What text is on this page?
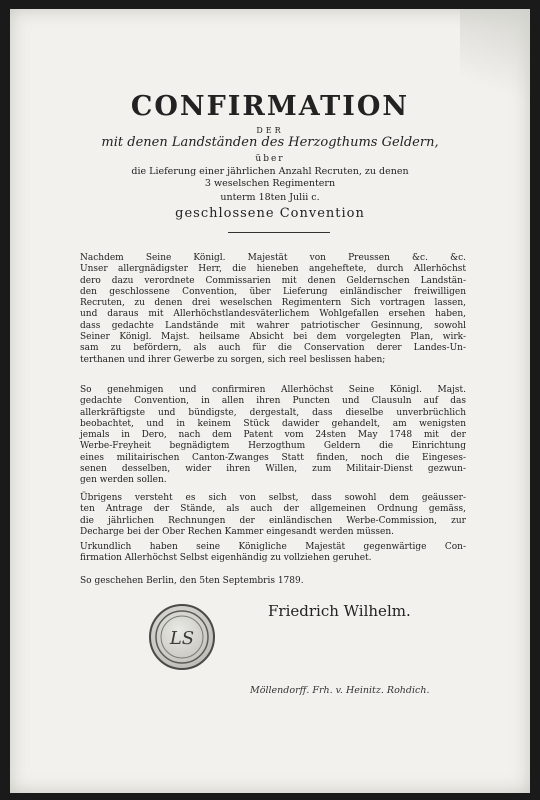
CONFIRMATION
DER
mit denen Landständen des Herzogthums Geldern,
über
die Lieferung einer jährlichen Anzahl Recruten, zu denen
3 weselschen Regimentern
unterm 18ten Julii c.
geschlossene Convention
Nachdem Seine Königl. Majestät von Preussen &c. &c.
Unser allergnädigster Herr, die hieneben angeheftete, durch Allerhöchst
dero dazu verordnete Commissarien mit denen Geldernschen Landstän-
den geschlossene Convention, über Lieferung einländischer freiwilligen
Recruten, zu denen drei weselschen Regimentern Sich vortragen lassen,
und daraus mit Allerhöchstlandesväterlichem Wohlgefallen ersehen haben,
dass gedachte Landstände mit wahrer patriotischer Gesinnung, sowohl
Seiner Königl. Majst. heilsame Absicht bei dem vorgelegten Plan, wirk-
sam zu befördern, als auch für die Conservation derer Landes-Un-
terthanen und ihrer Gewerbe zu sorgen, sich reel beslissen haben;
So genehmigen und confirmiren Allerhöchst Seine Königl. Majst.
gedachte Convention, in allen ihren Puncten und Clausuln auf das
allerkräftigste und bündigste, dergestalt, dass dieselbe unverbrüchlich
beobachtet, und in keinem Stück dawider gehandelt, am wenigsten
jemals in Dero, nach dem Patent vom 24sten May 1748 mit der
Werbe-Freyheit begnädigtem Herzogthum Geldern die Einrichtung
eines militairischen Canton-Zwanges Statt finden, noch die Eingeses-
senen desselben, wider ihren Willen, zum Militair-Dienst gezwun-
gen werden sollen.
Übrigens versteht es sich von selbst, dass sowohl dem geäusser-
ten Antrage der Stände, als auch der allgemeinen Ordnung gemäss,
die jährlichen Rechnungen der einländischen Werbe-Commission, zur
Decharge bei der Ober Rechen Kammer eingesandt werden müssen.
Urkundlich haben seine Königliche Majestät gegenwärtige Con-
firmation Allerhöchst Selbst eigenhändig zu vollziehen geruhet.
So geschehen Berlin, den 5ten Septembris 1789.
LS
Friedrich Wilhelm.
Möllendorff. Frh. v. Heinitz. Rohdich.
